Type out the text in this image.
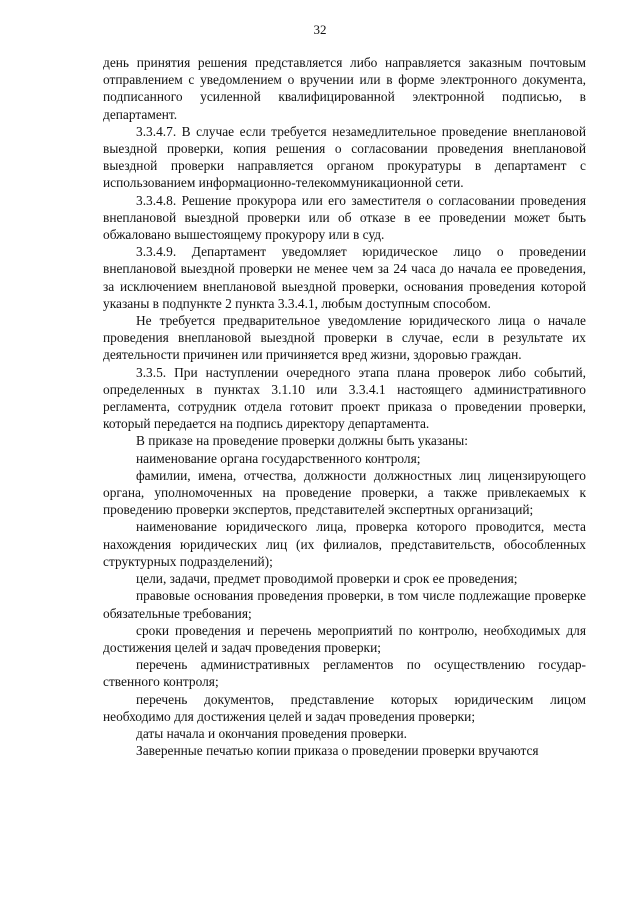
32

день принятия решения представляется либо направляется заказным почтовым отправлением с уведомлением о вручении или в форме электронного документа, подписанного усиленной квалифицированной электронной подписью, в департамент.

3.3.4.7. В случае если требуется незамедлительное проведение внеплановой выездной проверки, копия решения о согласовании проведения внеплановой выездной проверки направляется органом прокуратуры в департамент с использованием информационно-телекоммуникационной сети.

3.3.4.8. Решение прокурора или его заместителя о согласовании проведения внеплановой выездной проверки или об отказе в ее проведении может быть обжаловано вышестоящему прокурору или в суд.

3.3.4.9. Департамент уведомляет юридическое лицо о проведении внеплановой выездной проверки не менее чем за 24 часа до начала ее проведения, за исключением внеплановой выездной проверки, основания проведения которой указаны в подпункте 2 пункта 3.3.4.1, любым доступным способом.

Не требуется предварительное уведомление юридического лица о начале проведения внеплановой выездной проверки в случае, если в результате их деятельности причинен или причиняется вред жизни, здоровью граждан.

3.3.5. При наступлении очередного этапа плана проверок либо событий, определенных в пунктах 3.1.10 или 3.3.4.1 настоящего административного регламента, сотрудник отдела готовит проект приказа о проведении проверки, который передается на подпись директору департамента.

В приказе на проведение проверки должны быть указаны:

наименование органа государственного контроля;

фамилии, имена, отчества, должности должностных лиц лицензирующего органа, уполномоченных на проведение проверки, а также привлекаемых к проведению проверки экспертов, представителей экспертных организаций;

наименование юридического лица, проверка которого проводится, места нахождения юридических лиц (их филиалов, представительств, обособленных структурных подразделений);

цели, задачи, предмет проводимой проверки и срок ее проведения;

правовые основания проведения проверки, в том числе подлежащие проверке обязательные требования;

сроки проведения и перечень мероприятий по контролю, необходимых для достижения целей и задач проведения проверки;

перечень административных регламентов по осуществлению государственного контроля;

перечень документов, представление которых юридическим лицом необходимо для достижения целей и задач проведения проверки;

даты начала и окончания проведения проверки.

Заверенные печатью копии приказа о проведении проверки вручаются
